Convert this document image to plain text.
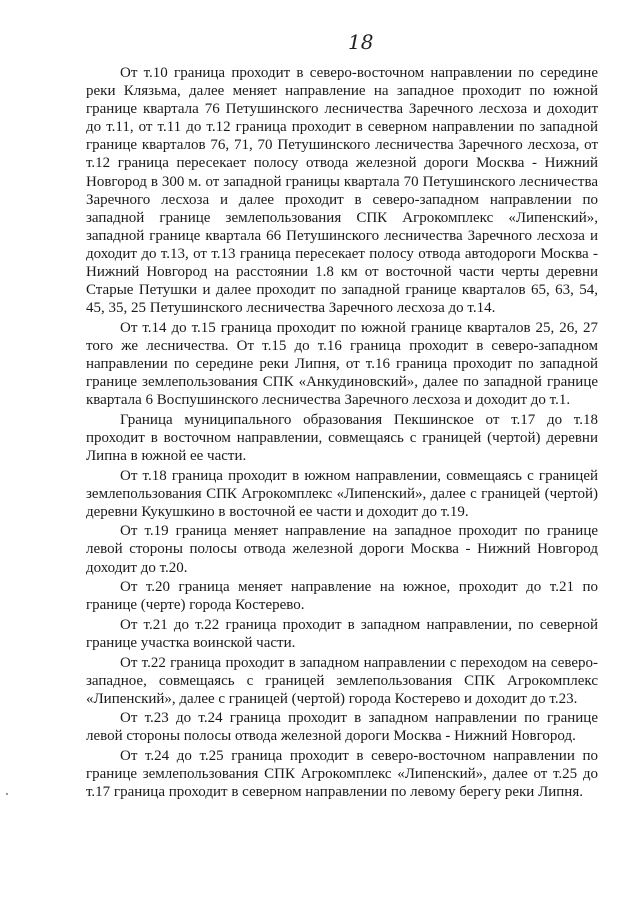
18

От т.10 граница проходит в северо-восточном направлении по середине реки Клязьма, далее меняет направление на западное проходит по южной границе квартала 76 Петушинского лесничества Заречного лесхоза и доходит до т.11, от т.11 до т.12 граница проходит в северном направлении по западной границе кварталов 76, 71, 70 Петушинского лесничества Заречного лесхоза, от т.12 граница пересекает полосу отвода железной дороги Москва - Нижний Новгород в 300 м. от западной границы квартала 70 Петушинского лесничества Заречного лесхоза и далее проходит в северо-западном направлении по западной границе землепользования СПК Агрокомплекс «Липенский», западной границе квартала 66 Петушинского лесничества Заречного лесхоза и доходит до т.13, от т.13 граница пересекает полосу отвода автодороги Москва - Нижний Новгород на расстоянии 1.8 км от восточной части черты деревни Старые Петушки и далее проходит по западной границе кварталов 65, 63, 54, 45, 35, 25 Петушинского лесничества Заречного лесхоза до т.14.

От т.14 до т.15 граница проходит по южной границе кварталов 25, 26, 27 того же лесничества. От т.15 до т.16 граница проходит в северо-западном направлении по середине реки Липня, от т.16 граница проходит по западной границе землепользования СПК «Анкудиновский», далее по западной границе квартала 6 Воспушинского лесничества Заречного лесхоза и доходит до т.1.

Граница муниципального образования Пекшинское от т.17 до т.18 проходит в восточном направлении, совмещаясь с границей (чертой) деревни Липна в южной ее части.

От т.18 граница проходит в южном направлении, совмещаясь с границей землепользования СПК Агрокомплекс «Липенский», далее с границей (чертой) деревни Кукушкино в восточной ее части и доходит до т.19.

От т.19 граница меняет направление на западное проходит по границе левой стороны полосы отвода железной дороги Москва - Нижний Новгород доходит до т.20.

От т.20 граница меняет направление на южное, проходит до т.21 по границе (черте) города Костерево.

От т.21 до т.22 граница проходит в западном направлении, по северной границе участка воинской части.

От т.22 граница проходит в западном направлении с переходом на северо-западное, совмещаясь с границей землепользования СПК Агрокомплекс «Липенский», далее с границей (чертой) города Костерево и доходит до т.23.

От т.23 до т.24 граница проходит в западном направлении по границе левой стороны полосы отвода железной дороги Москва - Нижний Новгород.

От т.24 до т.25 граница проходит в северо-восточном направлении по границе землепользования СПК Агрокомплекс «Липенский», далее от т.25 до т.17 граница проходит в северном направлении по левому берегу реки Липня.
